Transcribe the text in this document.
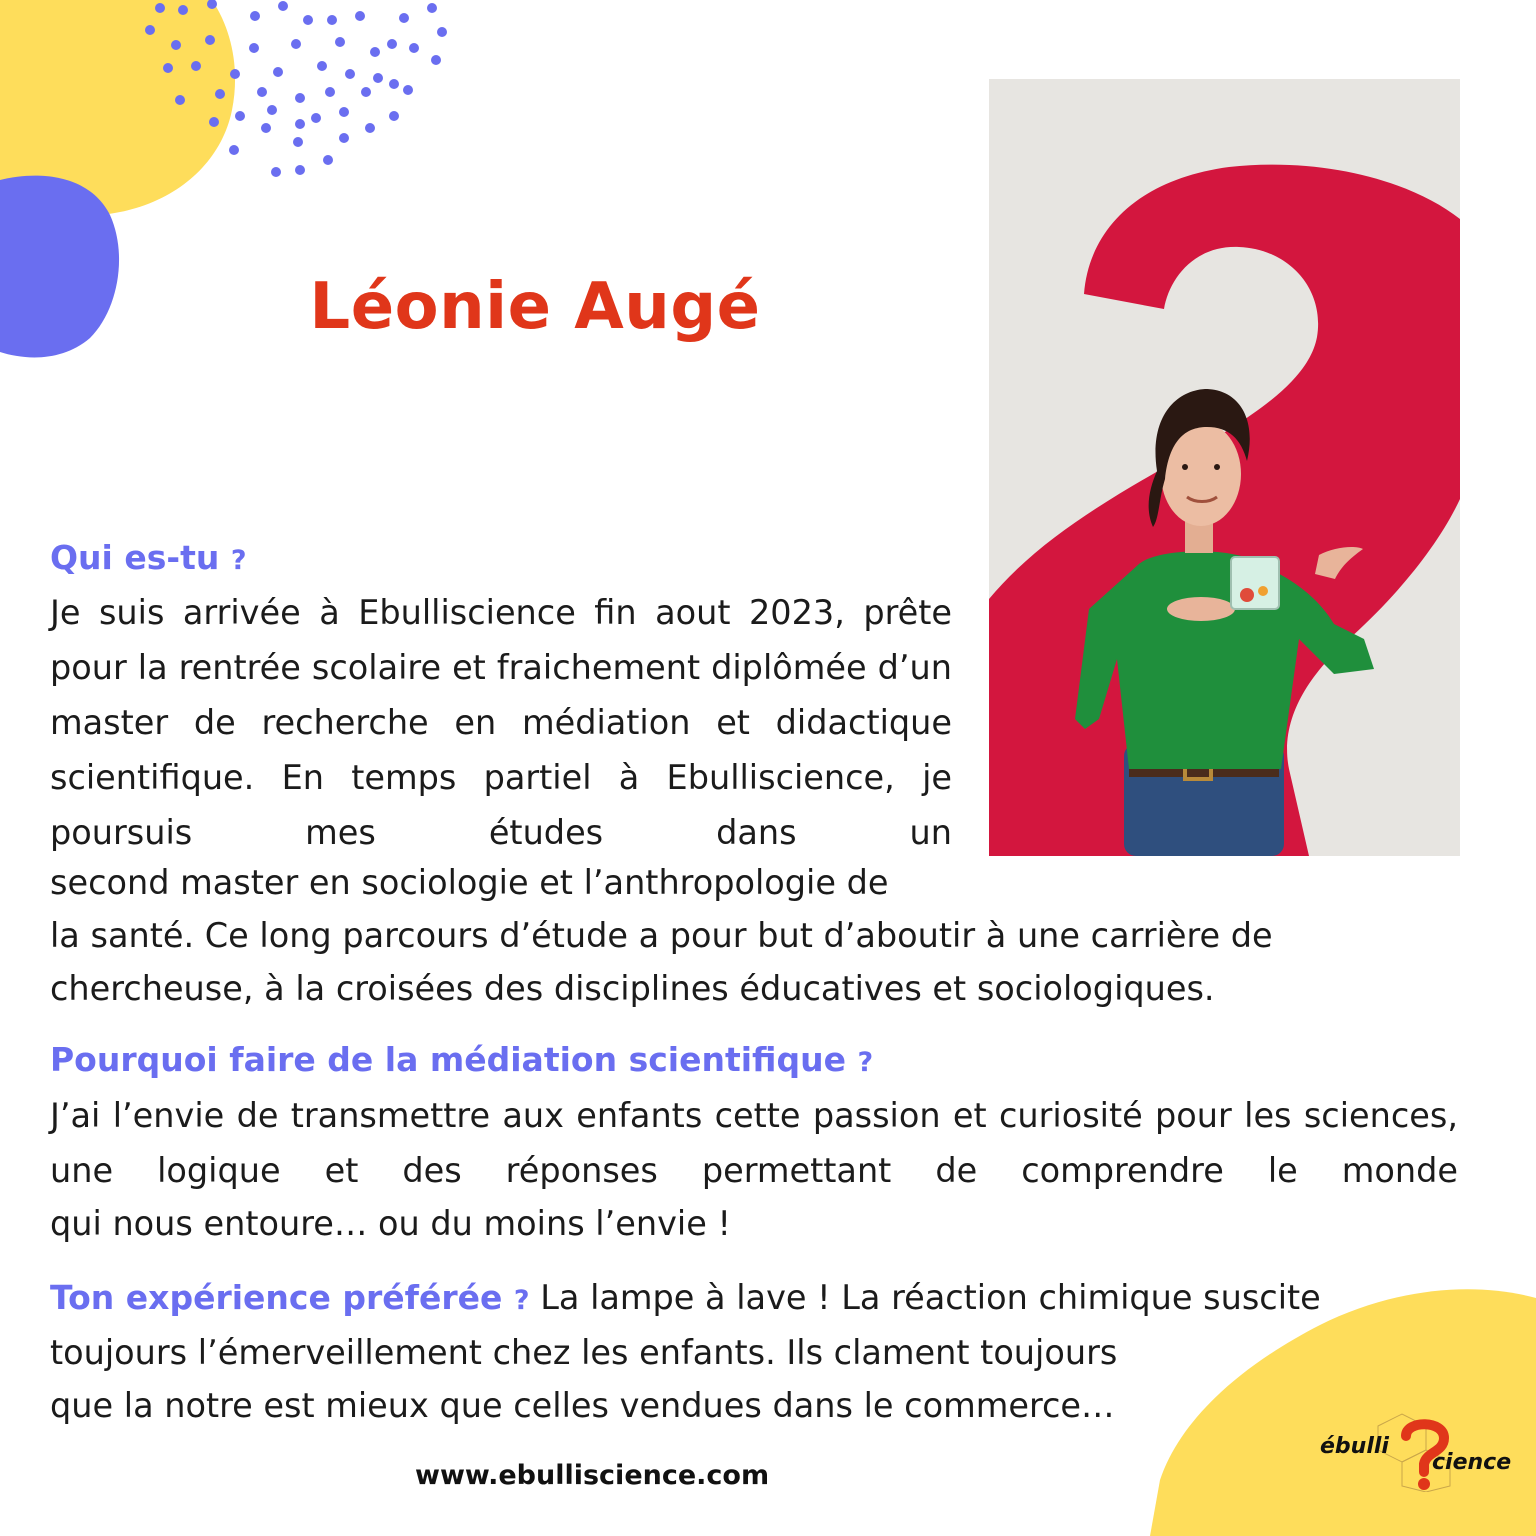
Léonie Augé
Qui es-tu ?
Je suis arrivée à Ebulliscience fin aout 2023, prête pour la rentrée scolaire et fraichement diplômée d’un master de recherche en médiation et didactique scientifique. En temps partiel à Ebulliscience, je poursuis mes études dans un
second master en sociologie et l’anthropologie de
la santé. Ce long parcours d’étude a pour but d’aboutir à une carrière de
chercheuse, à la croisées des disciplines éducatives et sociologiques.
Pourquoi faire de la médiation scientifique ?
J’ai l’envie de transmettre aux enfants cette passion et curiosité pour les sciences, une logique et des réponses permettant de comprendre le monde
qui nous entoure… ou du moins l’envie !
Ton expérience préférée ? La lampe à lave ! La réaction chimique suscite
toujours l’émerveillement chez les enfants. Ils clament toujours
que la notre est mieux que celles vendues dans le commerce…
www.ebulliscience.com
ébulli
cience
